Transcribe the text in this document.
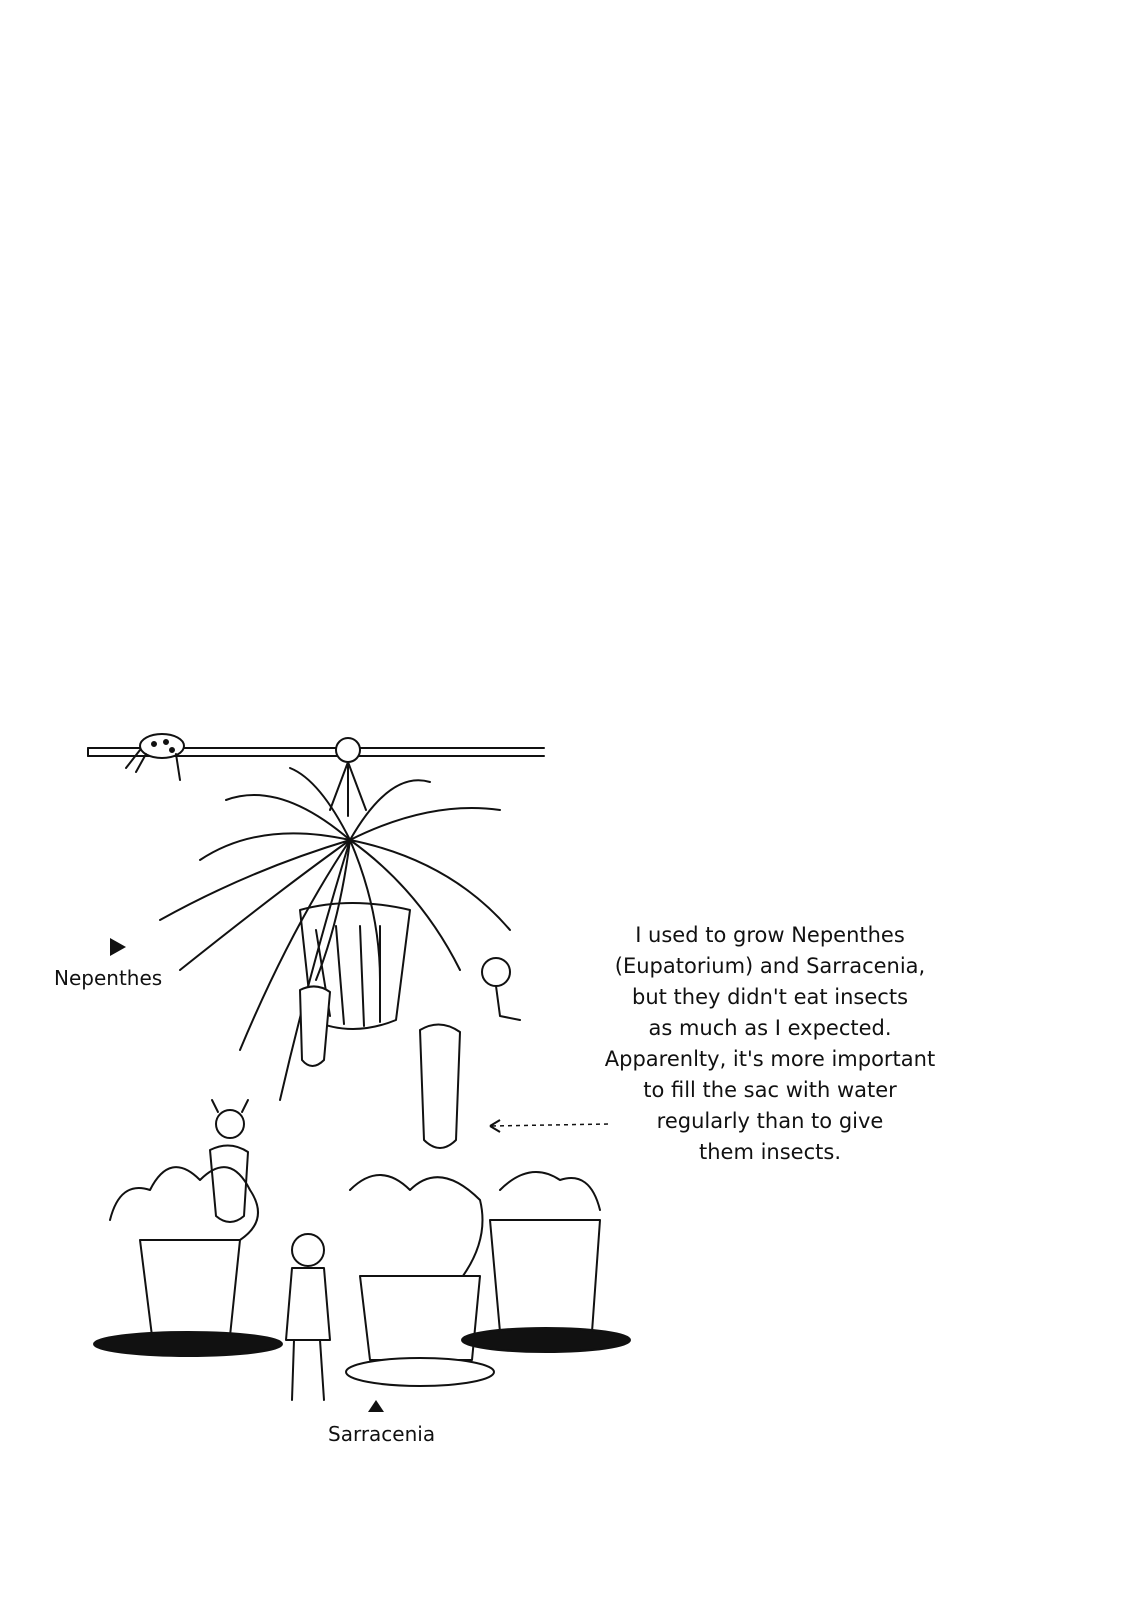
Nepenthes
Sarracenia
I used to grow Nepenthes
(Eupatorium) and Sarracenia,
but they didn't eat insects
as much as I expected.
Apparenlty, it's more important
to fill the sac with water
regularly than to give
them insects.
